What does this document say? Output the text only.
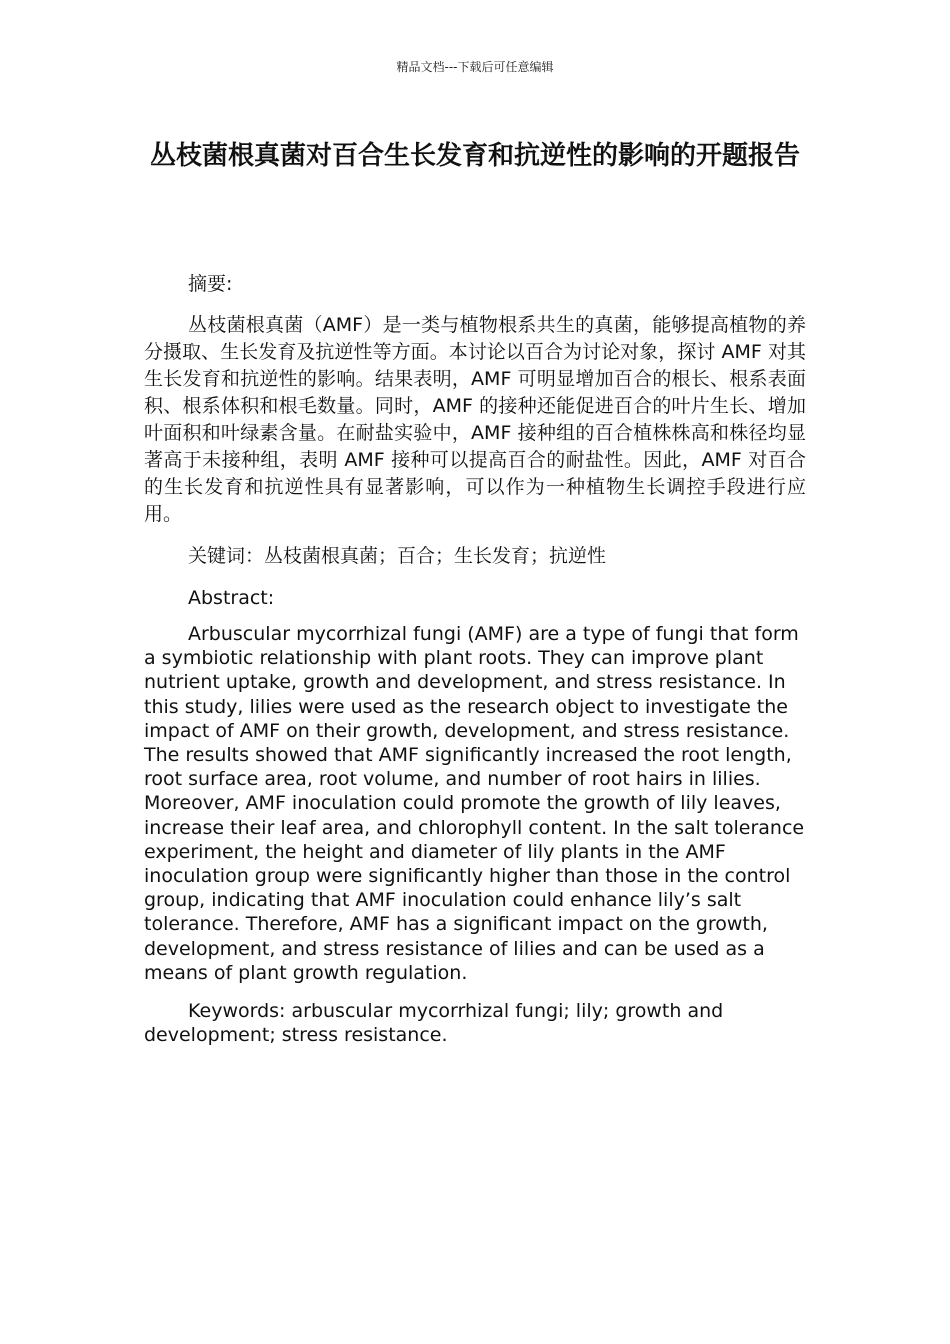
精品文档---下载后可任意编辑
丛枝菌根真菌对百合生长发育和抗逆性的影响的开题报告

摘要:

丛枝菌根真菌（AMF）是一类与植物根系共生的真菌，能够提高植物的养分摄取、生长发育及抗逆性等方面。本讨论以百合为讨论对象，探讨 AMF 对其生长发育和抗逆性的影响。结果表明，AMF 可明显增加百合的根长、根系表面积、根系体积和根毛数量。同时，AMF 的接种还能促进百合的叶片生长、增加叶面积和叶绿素含量。在耐盐实验中，AMF 接种组的百合植株株高和株径均显著高于未接种组，表明 AMF 接种可以提高百合的耐盐性。因此，AMF 对百合的生长发育和抗逆性具有显著影响，可以作为一种植物生长调控手段进行应用。

关键词：丛枝菌根真菌；百合；生长发育；抗逆性

Abstract:

Arbuscular mycorrhizal fungi (AMF) are a type of fungi that form a symbiotic relationship with plant roots. They can improve plant nutrient uptake, growth and development, and stress resistance. In this study, lilies were used as the research object to investigate the impact of AMF on their growth, development, and stress resistance. The results showed that AMF significantly increased the root length, root surface area, root volume, and number of root hairs in lilies. Moreover, AMF inoculation could promote the growth of lily leaves, increase their leaf area, and chlorophyll content. In the salt tolerance experiment, the height and diameter of lily plants in the AMF inoculation group were significantly higher than those in the control group, indicating that AMF inoculation could enhance lily’s salt tolerance. Therefore, AMF has a significant impact on the growth, development, and stress resistance of lilies and can be used as a means of plant growth regulation.

Keywords: arbuscular mycorrhizal fungi; lily; growth and development; stress resistance.
